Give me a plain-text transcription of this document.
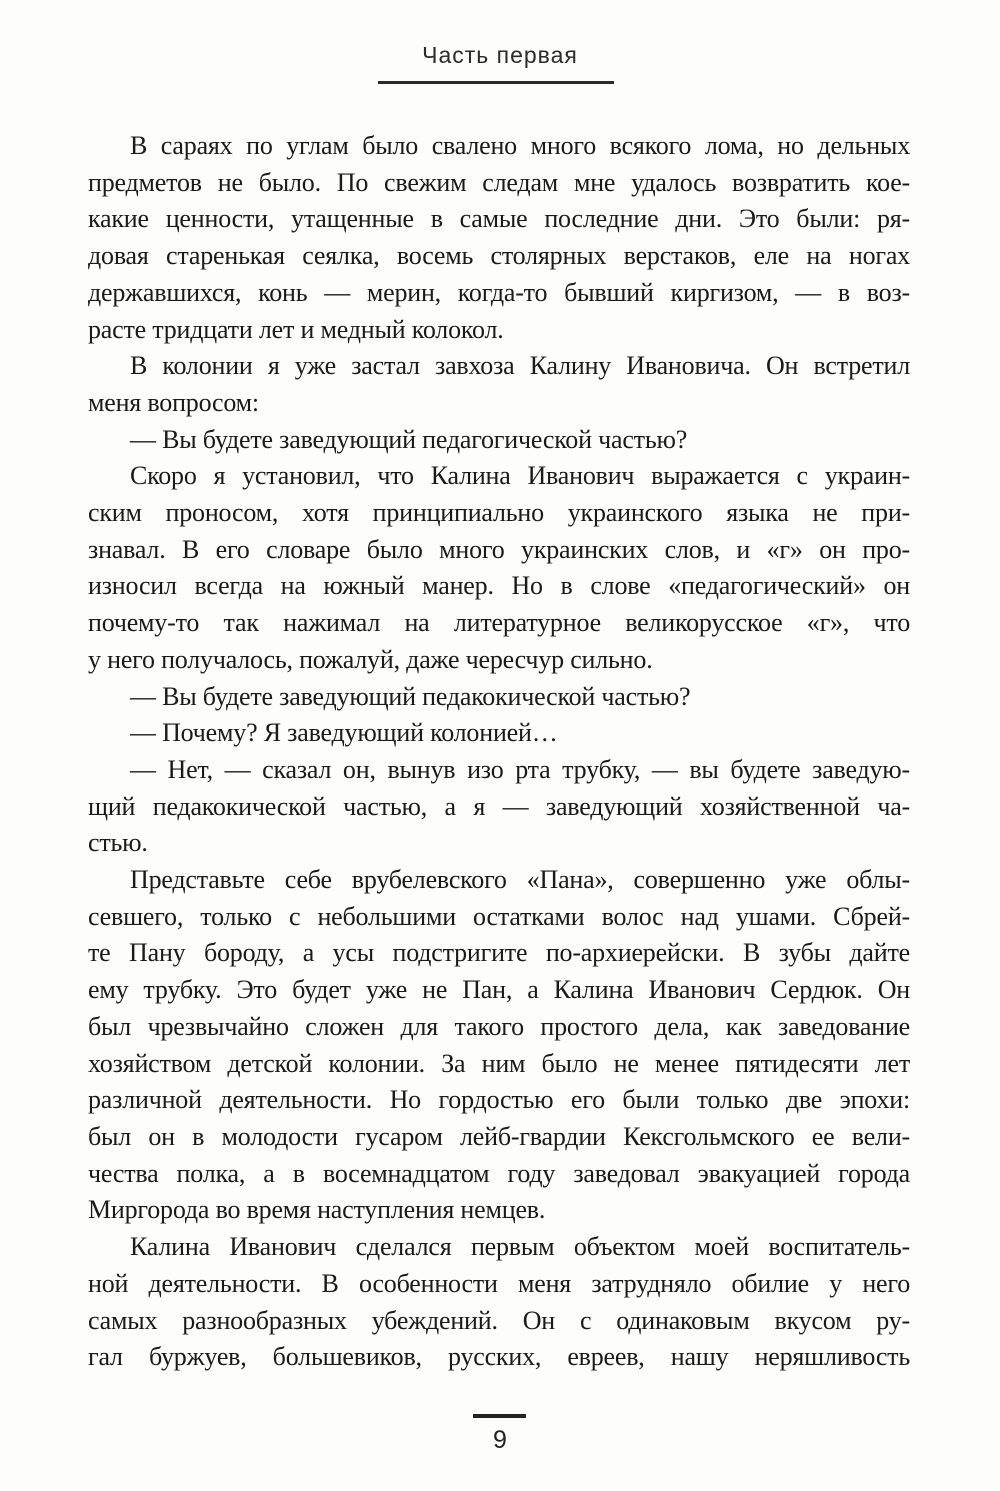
Часть первая
В сараях по углам было свалено много всякого лома, но дельных
предметов не было. По свежим следам мне удалось возвратить кое-
какие ценности, утащенные в самые последние дни. Это были: ря-
довая старенькая сеялка, восемь столярных верстаков, еле на ногах
державшихся, конь — мерин, когда-то бывший киргизом, — в воз-
расте тридцати лет и медный колокол.
В колонии я уже застал завхоза Калину Ивановича. Он встретил
меня вопросом:
— Вы будете заведующий педагогической частью?
Скоро я установил, что Калина Иванович выражается с украин-
ским проносом, хотя принципиально украинского языка не при-
знавал. В его словаре было много украинских слов, и «г» он про-
износил всегда на южный манер. Но в слове «педагогический» он
почему-то так нажимал на литературное великорусское «г», что
у него получалось, пожалуй, даже чересчур сильно.
— Вы будете заведующий педакокической частью?
— Почему? Я заведующий колонией…
— Нет, — сказал он, вынув изо рта трубку, — вы будете заведую-
щий педакокической частью, а я — заведующий хозяйственной ча-
стью.
Представьте себе врубелевского «Пана», совершенно уже облы-
севшего, только с небольшими остатками волос над ушами. Сбрей-
те Пану бороду, а усы подстригите по-архиерейски. В зубы дайте
ему трубку. Это будет уже не Пан, а Калина Иванович Сердюк. Он
был чрезвычайно сложен для такого простого дела, как заведование
хозяйством детской колонии. За ним было не менее пятидесяти лет
различной деятельности. Но гордостью его были только две эпохи:
был он в молодости гусаром лейб-гвардии Кексгольмского ее вели-
чества полка, а в восемнадцатом году заведовал эвакуацией города
Миргорода во время наступления немцев.
Калина Иванович сделался первым объектом моей воспитатель-
ной деятельности. В особенности меня затрудняло обилие у него
самых разнообразных убеждений. Он с одинаковым вкусом ру-
гал буржуев, большевиков, русских, евреев, нашу неряшливость
9
